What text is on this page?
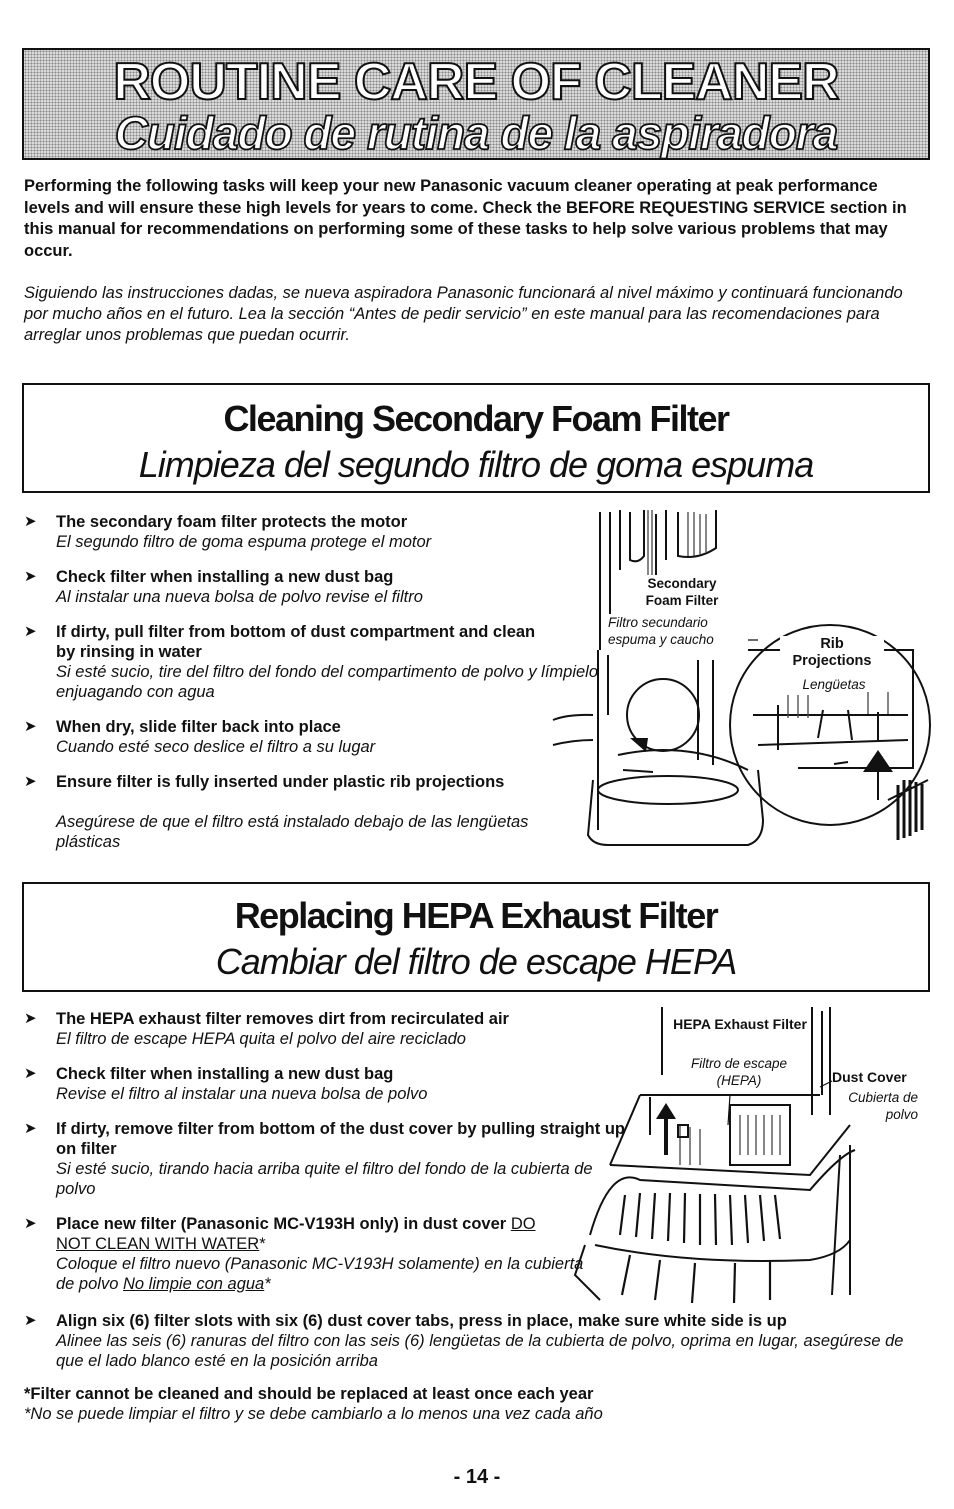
ROUTINE CARE OF CLEANER
Cuidado de rutina de la aspiradora
Performing the following tasks will keep your new Panasonic vacuum cleaner operating at peak performance levels and will ensure these high levels for years to come. Check the BEFORE REQUESTING SERVICE section in this manual for recommendations on performing some of these tasks to help solve various problems that may occur.
Siguiendo las instrucciones dadas, se nueva aspiradora Panasonic funcionará al nivel máximo y continuará funcionando por mucho años en el futuro. Lea la sección “Antes de pedir servicio” en este manual para las recomendaciones para arreglar unos problemas que puedan ocurrir.
Cleaning Secondary Foam Filter
Limpieza del segundo filtro de goma espuma
➤ The secondary foam filter protects the motor
El segundo filtro de goma espuma protege el motor
➤ Check filter when installing a new dust bag
Al instalar una nueva bolsa de polvo revise el filtro
➤ If dirty, pull filter from bottom of dust compartment and clean by rinsing in water
Si esté sucio, tire del filtro del fondo del compartimento de polvo y límpielo enjuagando con agua
➤ When dry, slide filter back into place
Cuando esté seco deslice el filtro a su lugar
➤ Ensure filter is fully inserted under plastic rib projections
Asegúrese de que el filtro está instalado debajo de las lengüetas plásticas
Secondary Foam Filter
Filtro secundario espuma y caucho	Rib Projections
Lengüetas
Replacing HEPA Exhaust Filter
Cambiar del filtro de escape HEPA
➤ The HEPA exhaust filter removes dirt from recirculated air
El filtro de escape HEPA quita el polvo del aire reciclado
➤ Check filter when installing a new dust bag
Revise el filtro al instalar una nueva bolsa de polvo
➤ If dirty, remove filter from bottom of the dust cover by pulling straight up on filter
Si esté sucio, tirando hacia arriba quite el filtro del fondo de la cubierta de polvo
➤ Place new filter (Panasonic MC-V193H only) in dust cover DO NOT CLEAN WITH WATER*
Coloque el filtro nuevo (Panasonic MC-V193H solamente) en la cubierta de polvo No limpie con agua*
➤ Align six (6) filter slots with six (6) dust cover tabs, press in place, make sure white side is up
Alinee las seis (6) ranuras del filtro con las seis (6) lengüetas de la cubierta de polvo, oprima en lugar, asegúrese de que el lado blanco esté en la posición arriba
HEPA Exhaust Filter
Filtro de escape (HEPA)	Dust Cover
Cubierta de polvo
*Filter cannot be cleaned and should be replaced at least once each year
*No se puede limpiar el filtro y se debe cambiarlo a lo menos una vez cada año
- 14 -
